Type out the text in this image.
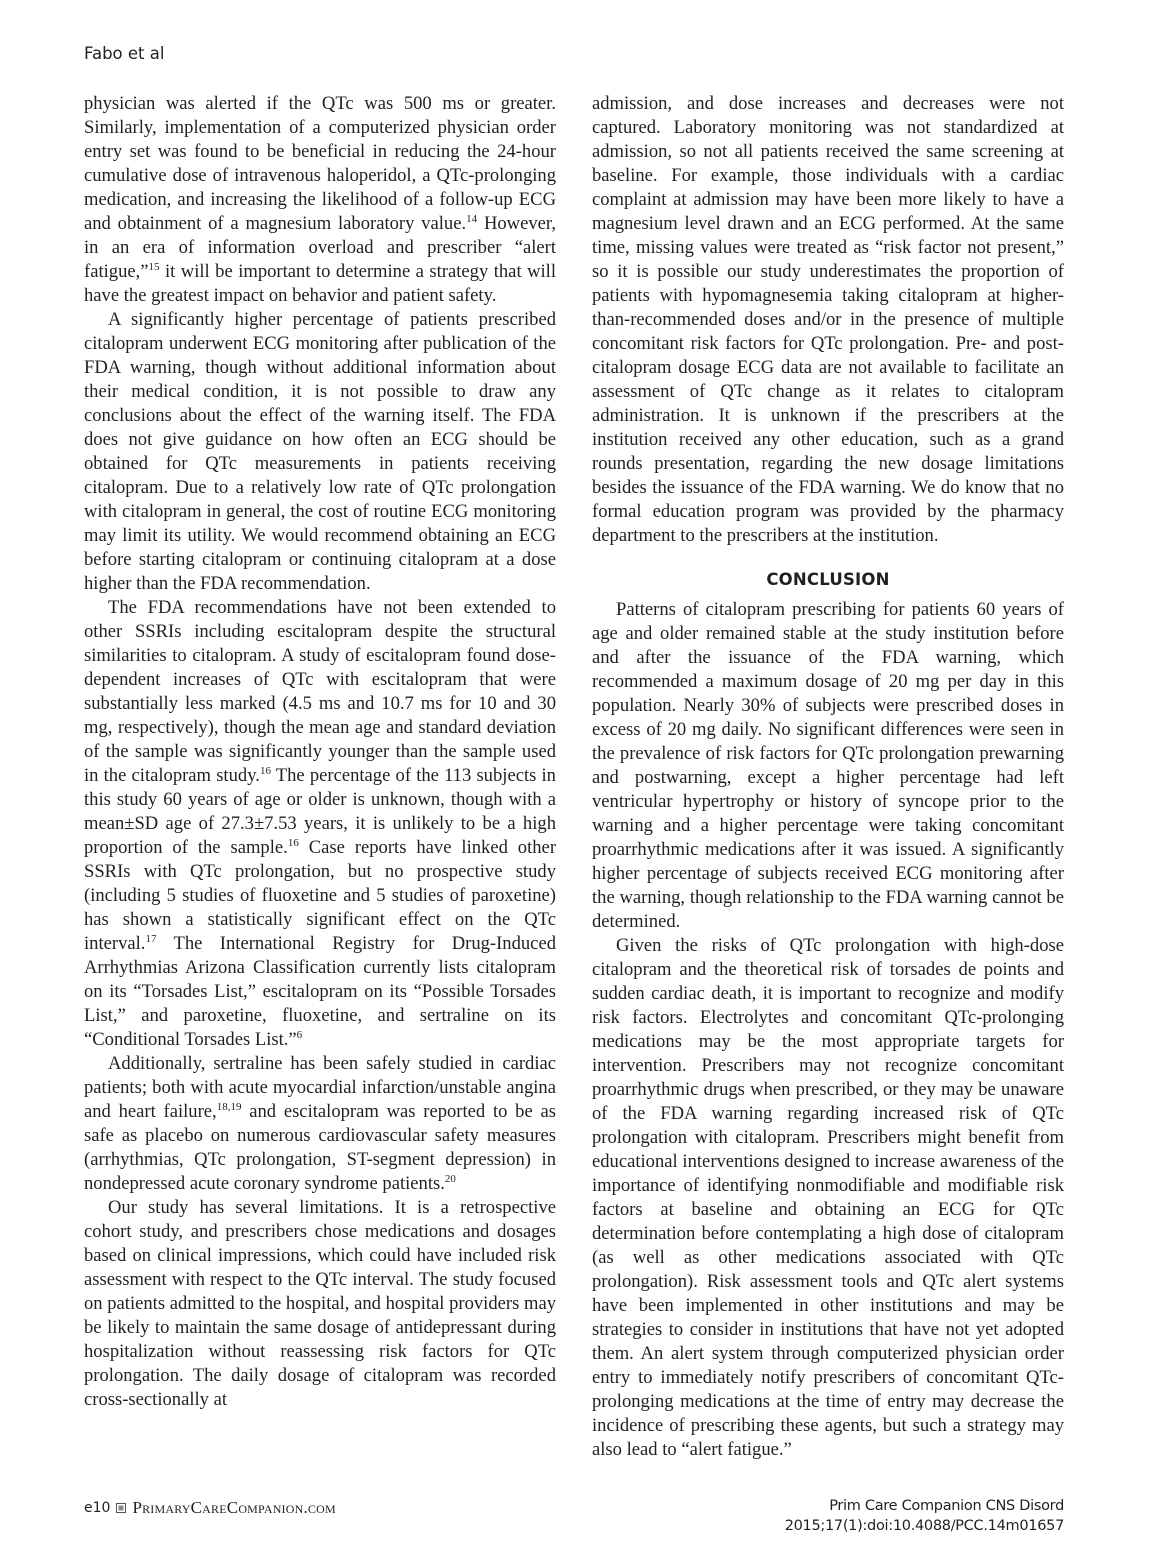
Fabo et al

physician was alerted if the QTc was 500 ms or greater. Similarly, implementation of a computerized physician order entry set was found to be beneficial in reducing the 24-hour cumulative dose of intravenous haloperidol, a QTc-prolonging medication, and increasing the likelihood of a follow-up ECG and obtainment of a magnesium laboratory value.$^{14}$ However, in an era of information overload and prescriber “alert fatigue,”$^{15}$ it will be important to determine a strategy that will have the greatest impact on behavior and patient safety.

A significantly higher percentage of patients prescribed citalopram underwent ECG monitoring after publication of the FDA warning, though without additional information about their medical condition, it is not possible to draw any conclusions about the effect of the warning itself. The FDA does not give guidance on how often an ECG should be obtained for QTc measurements in patients receiving citalopram. Due to a relatively low rate of QTc prolongation with citalopram in general, the cost of routine ECG monitoring may limit its utility. We would recommend obtaining an ECG before starting citalopram or continuing citalopram at a dose higher than the FDA recommendation.

The FDA recommendations have not been extended to other SSRIs including escitalopram despite the structural similarities to citalopram. A study of escitalopram found dose-dependent increases of QTc with escitalopram that were substantially less marked (4.5 ms and 10.7 ms for 10 and 30 mg, respectively), though the mean age and standard deviation of the sample was significantly younger than the sample used in the citalopram study.$^{16}$ The percentage of the 113 subjects in this study 60 years of age or older is unknown, though with a mean±SD age of 27.3±7.53 years, it is unlikely to be a high proportion of the sample.$^{16}$ Case reports have linked other SSRIs with QTc prolongation, but no prospective study (including 5 studies of fluoxetine and 5 studies of paroxetine) has shown a statistically significant effect on the QTc interval.$^{17}$ The International Registry for Drug-Induced Arrhythmias Arizona Classification currently lists citalopram on its “Torsades List,” escitalopram on its “Possible Torsades List,” and paroxetine, fluoxetine, and sertraline on its “Conditional Torsades List.”$^6$

Additionally, sertraline has been safely studied in cardiac patients; both with acute myocardial infarction/unstable angina and heart failure,$^{18,19}$ and escitalopram was reported to be as safe as placebo on numerous cardiovascular safety measures (arrhythmias, QTc prolongation, ST-segment depression) in nondepressed acute coronary syndrome patients.$^{20}$

Our study has several limitations. It is a retrospective cohort study, and prescribers chose medications and dosages based on clinical impressions, which could have included risk assessment with respect to the QTc interval. The study focused on patients admitted to the hospital, and hospital providers may be likely to maintain the same dosage of antidepressant during hospitalization without reassessing risk factors for QTc prolongation. The daily dosage of citalopram was recorded cross-sectionally at

admission, and dose increases and decreases were not captured. Laboratory monitoring was not standardized at admission, so not all patients received the same screening at baseline. For example, those individuals with a cardiac complaint at admission may have been more likely to have a magnesium level drawn and an ECG performed. At the same time, missing values were treated as “risk factor not present,” so it is possible our study underestimates the proportion of patients with hypomagnesemia taking citalopram at higher-than-recommended doses and/or in the presence of multiple concomitant risk factors for QTc prolongation. Pre- and post-citalopram dosage ECG data are not available to facilitate an assessment of QTc change as it relates to citalopram administration. It is unknown if the prescribers at the institution received any other education, such as a grand rounds presentation, regarding the new dosage limitations besides the issuance of the FDA warning. We do know that no formal education program was provided by the pharmacy department to the prescribers at the institution.

CONCLUSION

Patterns of citalopram prescribing for patients 60 years of age and older remained stable at the study institution before and after the issuance of the FDA warning, which recommended a maximum dosage of 20 mg per day in this population. Nearly 30% of subjects were prescribed doses in excess of 20 mg daily. No significant differences were seen in the prevalence of risk factors for QTc prolongation prewarning and postwarning, except a higher percentage had left ventricular hypertrophy or history of syncope prior to the warning and a higher percentage were taking concomitant proarrhythmic medications after it was issued. A significantly higher percentage of subjects received ECG monitoring after the warning, though relationship to the FDA warning cannot be determined.

Given the risks of QTc prolongation with high-dose citalopram and the theoretical risk of torsades de points and sudden cardiac death, it is important to recognize and modify risk factors. Electrolytes and concomitant QTc-prolonging medications may be the most appropriate targets for intervention. Prescribers may not recognize concomitant proarrhythmic drugs when prescribed, or they may be unaware of the FDA warning regarding increased risk of QTc prolongation with citalopram. Prescribers might benefit from educational interventions designed to increase awareness of the importance of identifying nonmodifiable and modifiable risk factors at baseline and obtaining an ECG for QTc determination before contemplating a high dose of citalopram (as well as other medications associated with QTc prolongation). Risk assessment tools and QTc alert systems have been implemented in other institutions and may be strategies to consider in institutions that have not yet adopted them. An alert system through computerized physician order entry to immediately notify prescribers of concomitant QTc-prolonging medications at the time of entry may decrease the incidence of prescribing these agents, but such a strategy may also lead to “alert fatigue.”

e10 PrimaryCareCompanion.com	Prim Care Companion CNS Disord
2015;17(1):doi:10.4088/PCC.14m01657
